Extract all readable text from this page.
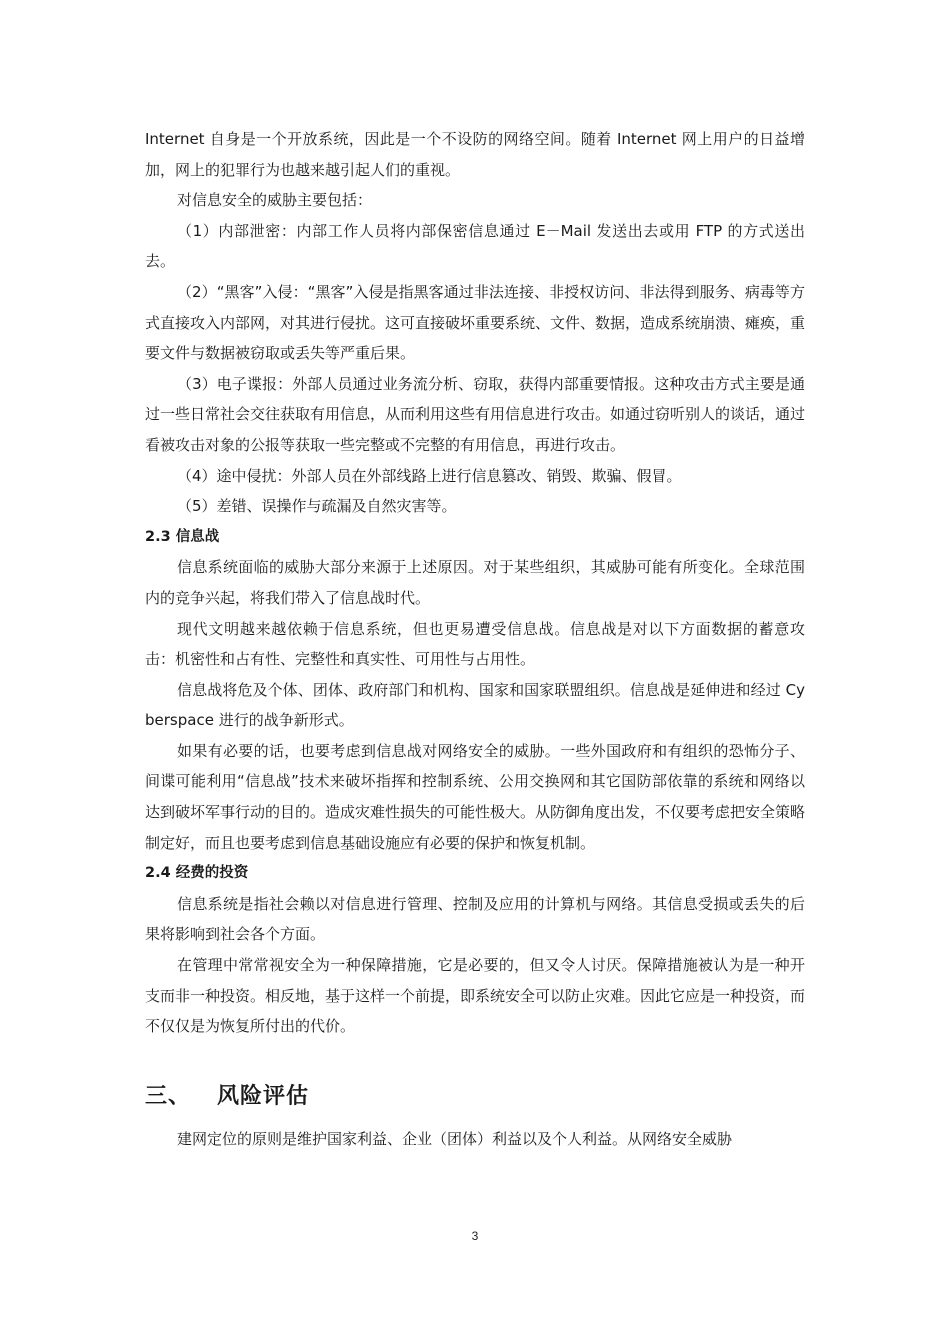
Internet 自身是一个开放系统，因此是一个不设防的网络空间。随着 Internet 网上用户的日益增加，网上的犯罪行为也越来越引起人们的重视。

对信息安全的威胁主要包括：

（1）内部泄密：内部工作人员将内部保密信息通过 E－Mail 发送出去或用 FTP 的方式送出去。

（2）“黑客”入侵：“黑客”入侵是指黑客通过非法连接、非授权访问、非法得到服务、病毒等方式直接攻入内部网，对其进行侵扰。这可直接破坏重要系统、文件、数据，造成系统崩溃、瘫痪，重要文件与数据被窃取或丢失等严重后果。

（3）电子谍报：外部人员通过业务流分析、窃取，获得内部重要情报。这种攻击方式主要是通过一些日常社会交往获取有用信息，从而利用这些有用信息进行攻击。如通过窃听别人的谈话，通过看被攻击对象的公报等获取一些完整或不完整的有用信息，再进行攻击。

（4）途中侵扰：外部人员在外部线路上进行信息篡改、销毁、欺骗、假冒。

（5）差错、误操作与疏漏及自然灾害等。

2.3 信息战

信息系统面临的威胁大部分来源于上述原因。对于某些组织，其威胁可能有所变化。全球范围 内的竞争兴起，将我们带入了信息战时代。

现代文明越来越依赖于信息系统，但也更易遭受信息战。信息战是对以下方面数据的蓄意攻击：机密性和占有性、完整性和真实性、可用性与占用性。

信息战将危及个体、团体、政府部门和机构、国家和国家联盟组织。信息战是延伸进和经过 Cyberspace 进行的战争新形式。

如果有必要的话，也要考虑到信息战对网络安全的威胁。一些外国政府和有组织的恐怖分子、间谍可能利用“信息战”技术来破坏指挥和控制系统、公用交换网和其它国防部依靠的系统和网络以达到破坏军事行动的目的。造成灾难性损失的可能性极大。从防御角度出发，不仅要考虑把安全策略制定好，而且也要考虑到信息基础设施应有必要的保护和恢复机制。

2.4 经费的投资

信息系统是指社会赖以对信息进行管理、控制及应用的计算机与网络。其信息受损或丢失的后果将影响到社会各个方面。

在管理中常常视安全为一种保障措施，它是必要的，但又令人讨厌。保障措施被认为是一种开支而非一种投资。相反地，基于这样一个前提，即系统安全可以防止灾难。因此它应是一种投资，而不仅仅是为恢复所付出的代价。

三、 风险评估

建网定位的原则是维护国家利益、企业（团体）利益以及个人利益。从网络安全威胁

3
